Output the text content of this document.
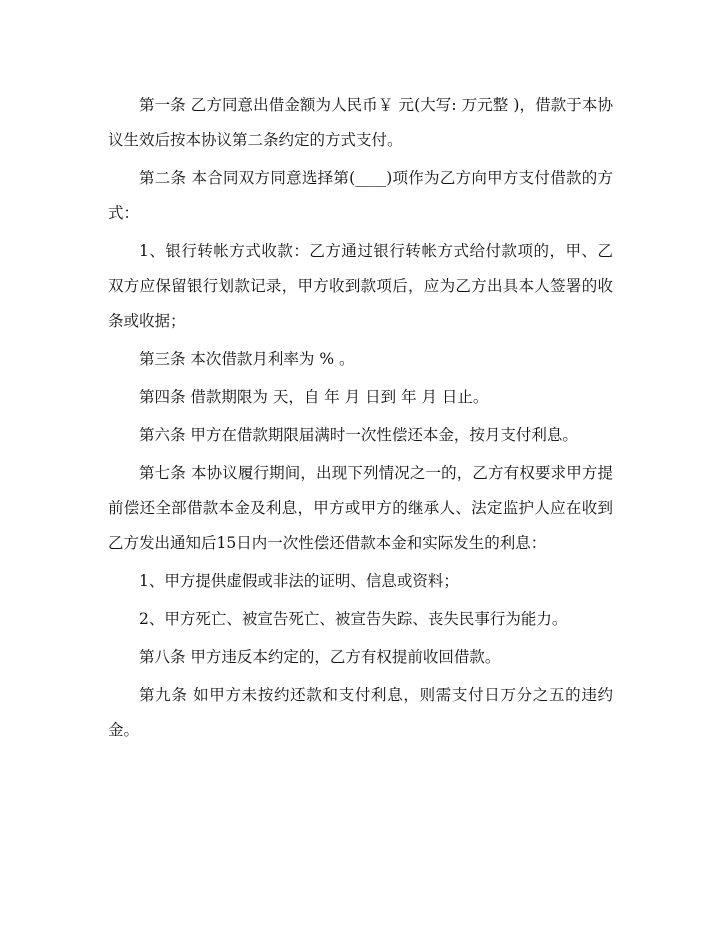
第一条 乙方同意出借金额为人民币￥ 元(大写: 万元整 )，借款于本协议生效后按本协议第二条约定的方式支付。

第二条 本合同双方同意选择第(____)项作为乙方向甲方支付借款的方式：

1、银行转帐方式收款：乙方通过银行转帐方式给付款项的，甲、乙双方应保留银行划款记录，甲方收到款项后，应为乙方出具本人签署的收条或收据；

第三条 本次借款月利率为 % 。

第四条 借款期限为 天，自 年 月 日到 年 月 日止。

第六条 甲方在借款期限届满时一次性偿还本金，按月支付利息。

第七条 本协议履行期间，出现下列情况之一的，乙方有权要求甲方提前偿还全部借款本金及利息，甲方或甲方的继承人、法定监护人应在收到乙方发出通知后15日内一次性偿还借款本金和实际发生的利息：

1、甲方提供虚假或非法的证明、信息或资料；

2、甲方死亡、被宣告死亡、被宣告失踪、丧失民事行为能力。

第八条 甲方违反本约定的，乙方有权提前收回借款。

第九条 如甲方未按约还款和支付利息，则需支付日万分之五的违约金。
